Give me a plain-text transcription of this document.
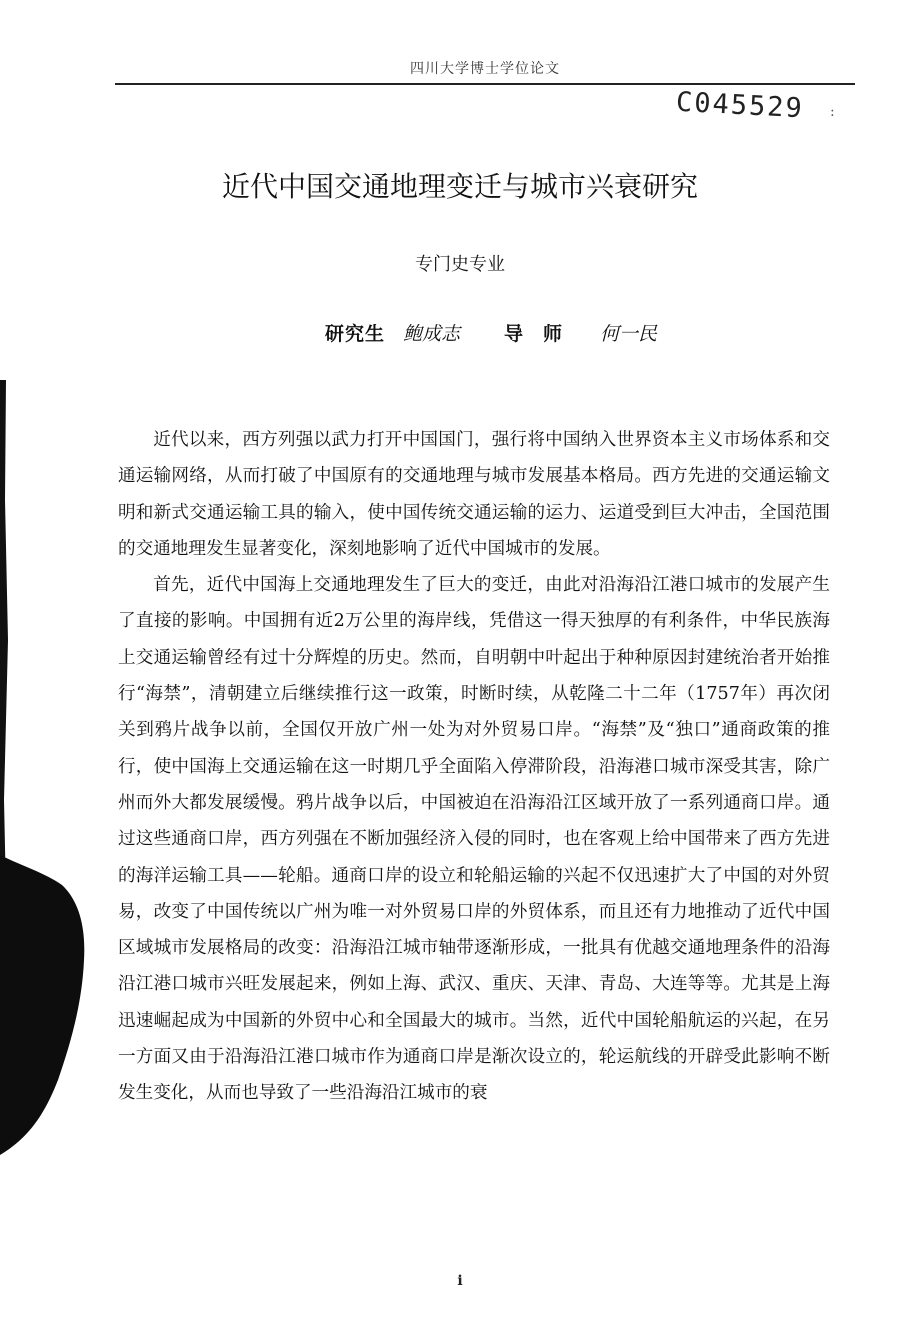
四川大学博士学位论文
C045529 :
近代中国交通地理变迁与城市兴衰研究
专门史专业
研究生 鲍成志 导师 何一民

近代以来，西方列强以武力打开中国国门，强行将中国纳入世界资本主义市场体系和交通运输网络，从而打破了中国原有的交通地理与城市发展基本格局。西方先进的交通运输文明和新式交通运输工具的输入，使中国传统交通运输的运力、运道受到巨大冲击，全国范围的交通地理发生显著变化，深刻地影响了近代中国城市的发展。

首先，近代中国海上交通地理发生了巨大的变迁，由此对沿海沿江港口城市的发展产生了直接的影响。中国拥有近2万公里的海岸线，凭借这一得天独厚的有利条件，中华民族海上交通运输曾经有过十分辉煌的历史。然而，自明朝中叶起出于种种原因封建统治者开始推行“海禁”，清朝建立后继续推行这一政策，时断时续，从乾隆二十二年（1757年）再次闭关到鸦片战争以前，全国仅开放广州一处为对外贸易口岸。“海禁”及“独口”通商政策的推行，使中国海上交通运输在这一时期几乎全面陷入停滞阶段，沿海港口城市深受其害，除广州而外大都发展缓慢。鸦片战争以后，中国被迫在沿海沿江区域开放了一系列通商口岸。通过这些通商口岸，西方列强在不断加强经济入侵的同时，也在客观上给中国带来了西方先进的海洋运输工具——轮船。通商口岸的设立和轮船运输的兴起不仅迅速扩大了中国的对外贸易，改变了中国传统以广州为唯一对外贸易口岸的外贸体系，而且还有力地推动了近代中国区域城市发展格局的改变：沿海沿江城市轴带逐渐形成，一批具有优越交通地理条件的沿海沿江港口城市兴旺发展起来，例如上海、武汉、重庆、天津、青岛、大连等等。尤其是上海迅速崛起成为中国新的外贸中心和全国最大的城市。当然，近代中国轮船航运的兴起，在另一方面又由于沿海沿江港口城市作为通商口岸是渐次设立的，轮运航线的开辟受此影响不断发生变化，从而也导致了一些沿海沿江城市的衰

i
